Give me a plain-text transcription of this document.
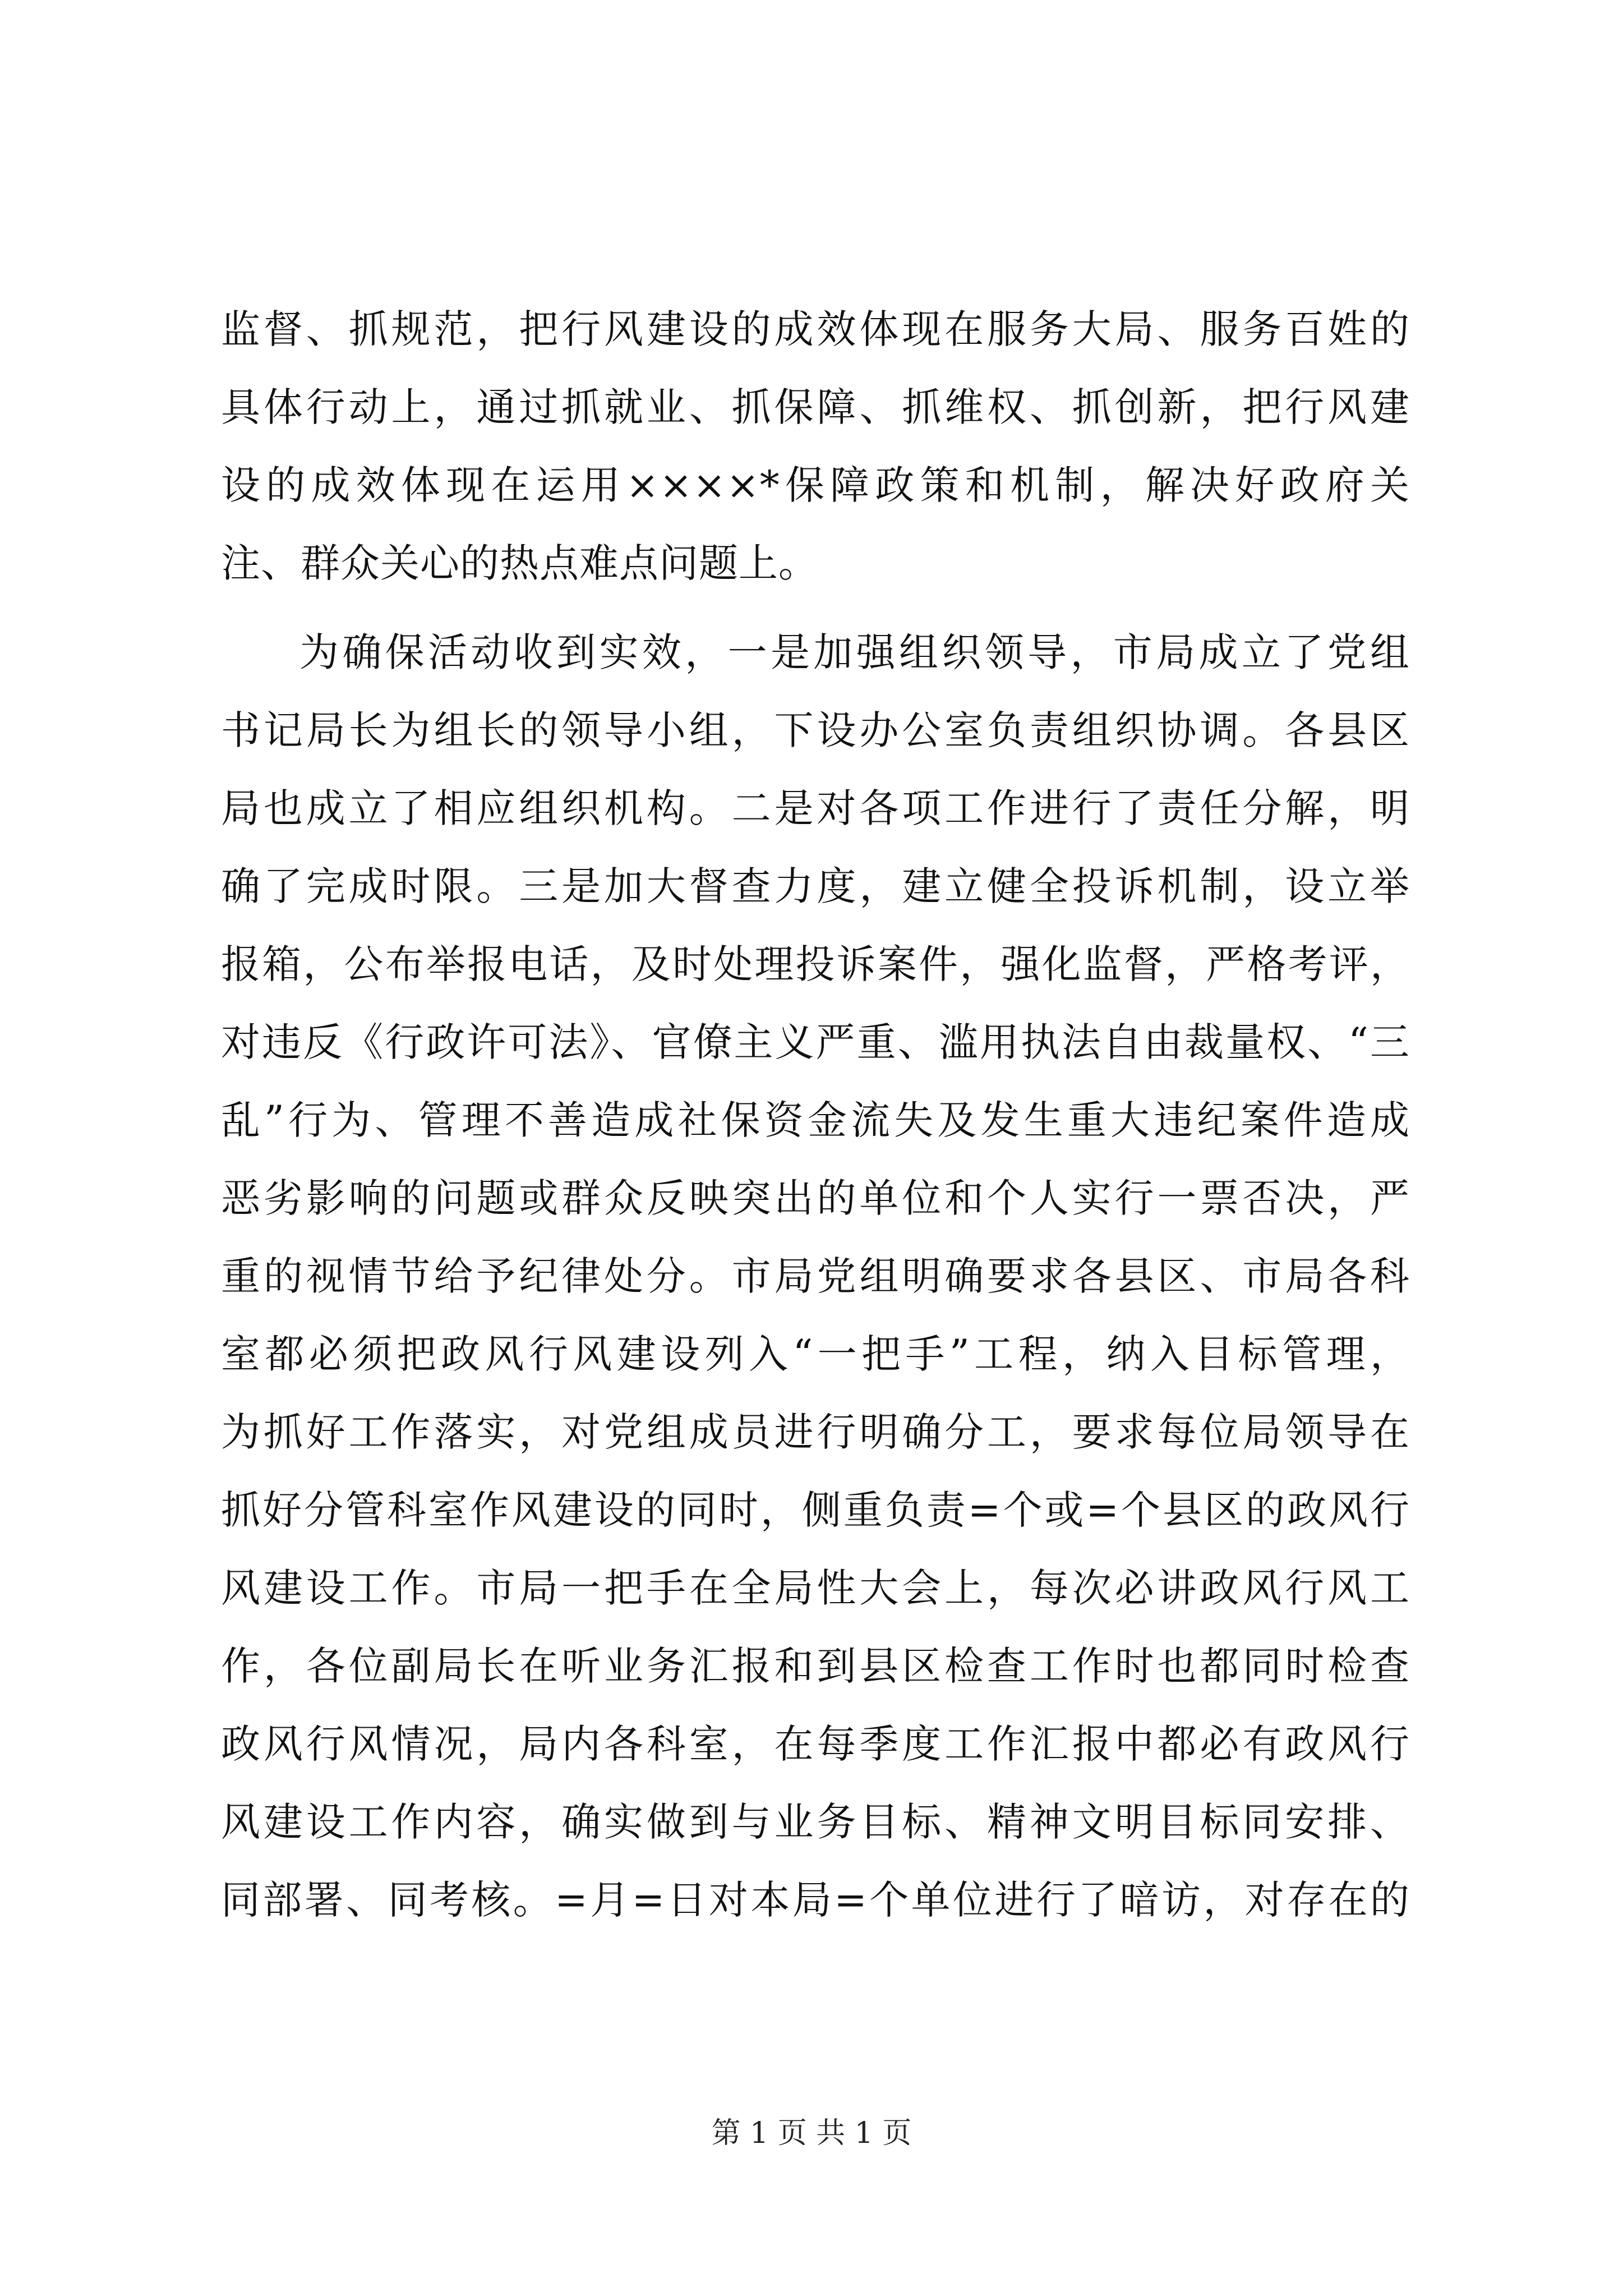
监督、抓规范，把行风建设的成效体现在服务大局、服务百姓的
具体行动上，通过抓就业、抓保障、抓维权、抓创新，把行风建
设的成效体现在运用××××*保障政策和机制，解决好政府关
注、群众关心的热点难点问题上。
为确保活动收到实效，一是加强组织领导，市局成立了党组
书记局长为组长的领导小组，下设办公室负责组织协调。各县区
局也成立了相应组织机构。二是对各项工作进行了责任分解，明
确了完成时限。三是加大督查力度，建立健全投诉机制，设立举
报箱，公布举报电话，及时处理投诉案件，强化监督，严格考评，
对违反《行政许可法》、官僚主义严重、滥用执法自由裁量权、“三
乱”行为、管理不善造成社保资金流失及发生重大违纪案件造成
恶劣影响的问题或群众反映突出的单位和个人实行一票否决，严
重的视情节给予纪律处分。市局党组明确要求各县区、市局各科
室都必须把政风行风建设列入“一把手”工程，纳入目标管理，
为抓好工作落实，对党组成员进行明确分工，要求每位局领导在
抓好分管科室作风建设的同时，侧重负责=个或=个县区的政风行
风建设工作。市局一把手在全局性大会上，每次必讲政风行风工
作，各位副局长在听业务汇报和到县区检查工作时也都同时检查
政风行风情况，局内各科室，在每季度工作汇报中都必有政风行
风建设工作内容，确实做到与业务目标、精神文明目标同安排、
同部署、同考核。=月=日对本局=个单位进行了暗访，对存在的
第 1 页 共 1 页
